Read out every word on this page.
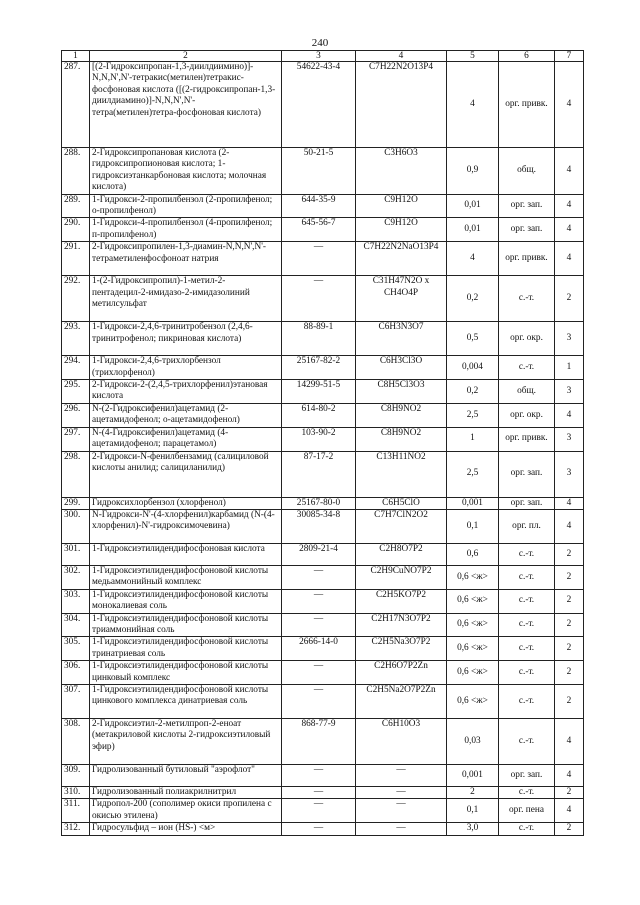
240
1	2	3	4	5	6	7
287.	[(2-Гидроксипропан-1,3-диилдиимино)]- N,N,N',N'-тетракис(метилен)тетракис-фосфоновая кислота ([(2-гидроксипропан-1,3-диилдиамино)]-N,N,N',N'-тетра(метилен)тетра-фосфоновая кислота)	54622-43-4	C7H22N2O13P4	4	орг. привк.	4
288.	2-Гидроксипропановая кислота (2-гидроксипропионовая кислота; 1-гидроксиэтанкарбоновая кислота; молочная кислота)	50-21-5	C3H6O3	0,9	общ.	4
289.	1-Гидрокси-2-пропилбензол (2-пропилфенол; о-пропилфенол)	644-35-9	C9H12O	0,01	орг. зап.	4
290.	1-Гидрокси-4-пропилбензол (4-пропилфенол; п-пропилфенол)	645-56-7	C9H12O	0,01	орг. зап.	4
291.	2-Гидроксипропилен-1,3-диамин-N,N,N',N'- тетраметиленфосфоноат натрия	—	C7H22N2NaO13P4	4	орг. привк.	4
292.	1-(2-Гидроксипропил)-1-метил-2-пентадецил-2-имидазо-2-имидазолиний метилсульфат	—	C31H47N2O x CH4O4P	0,2	с.-т.	2
293.	1-Гидрокси-2,4,6-тринитробензол (2,4,6-тринитрофенол; пикриновая кислота)	88-89-1	C6H3N3O7	0,5	орг. окр.	3
294.	1-Гидрокси-2,4,6-трихлорбензол (трихлорфенол)	25167-82-2	C6H3Cl3O	0,004	с.-т.	1
295.	2-Гидрокси-2-(2,4,5-трихлорфенил)этановая кислота	14299-51-5	C8H5Cl3O3	0,2	общ.	3
296.	N-(2-Гидроксифенил)ацетамид (2-ацетамидофенол; о-ацетамидофенол)	614-80-2	C8H9NO2	2,5	орг. окр.	4
297.	N-(4-Гидроксифенил)ацетамид (4-ацетамидофенол; парацетамол)	103-90-2	C8H9NO2	1	орг. привк.	3
298.	2-Гидрокси-N-фенилбензамид (салициловой кислоты анилид; салициланилид)	87-17-2	C13H11NO2	2,5	орг. зап.	3
299.	Гидроксихлорбензол (хлорфенол)	25167-80-0	C6H5ClO	0,001	орг. зап.	4
300.	N-Гидрокси-N'-(4-хлорфенил)карбамид (N-(4-хлорфенил)-N'-гидроксимочевина)	30085-34-8	C7H7ClN2O2	0,1	орг. пл.	4
301.	1-Гидроксиэтилидендифосфоновая кислота	2809-21-4	C2H8O7P2	0,6	с.-т.	2
302.	1-Гидроксиэтилидендифосфоновой кислоты медьаммонийный комплекс	—	C2H9CuNO7P2	0,6 <ж>	с.-т.	2
303.	1-Гидроксиэтилидендифосфоновой кислоты монокалиевая соль	—	C2H5KO7P2	0,6 <ж>	с.-т.	2
304.	1-Гидроксиэтилидендифосфоновой кислоты триаммонийная соль	—	C2H17N3O7P2	0,6 <ж>	с.-т.	2
305.	1-Гидроксиэтилидендифосфоновой кислоты тринатриевая соль	2666-14-0	C2H5Na3O7P2	0,6 <ж>	с.-т.	2
306.	1-Гидроксиэтилидендифосфоновой кислоты цинковый комплекс	—	C2H6O7P2Zn	0,6 <ж>	с.-т.	2
307.	1-Гидроксиэтилидендифосфоновой кислоты цинкового комплекса динатриевая соль	—	C2H5Na2O7P2Zn	0,6 <ж>	с.-т.	2
308.	2-Гидроксиэтил-2-метилпроп-2-еноат (метакриловой кислоты 2-гидроксиэтиловый эфир)	868-77-9	C6H10O3	0,03	с.-т.	4
309.	Гидролизованный бутиловый "аэрофлот"	—	—	0,001	орг. зап.	4
310.	Гидролизованный полиакрилнитрил	—	—	2	с.-т.	2
311.	Гидропол-200 (сополимер окиси пропилена с окисью этилена)	—	—	0,1	орг. пена	4
312.	Гидросульфид – ион (HS-) <м>	—	—	3,0	с.-т.	2
